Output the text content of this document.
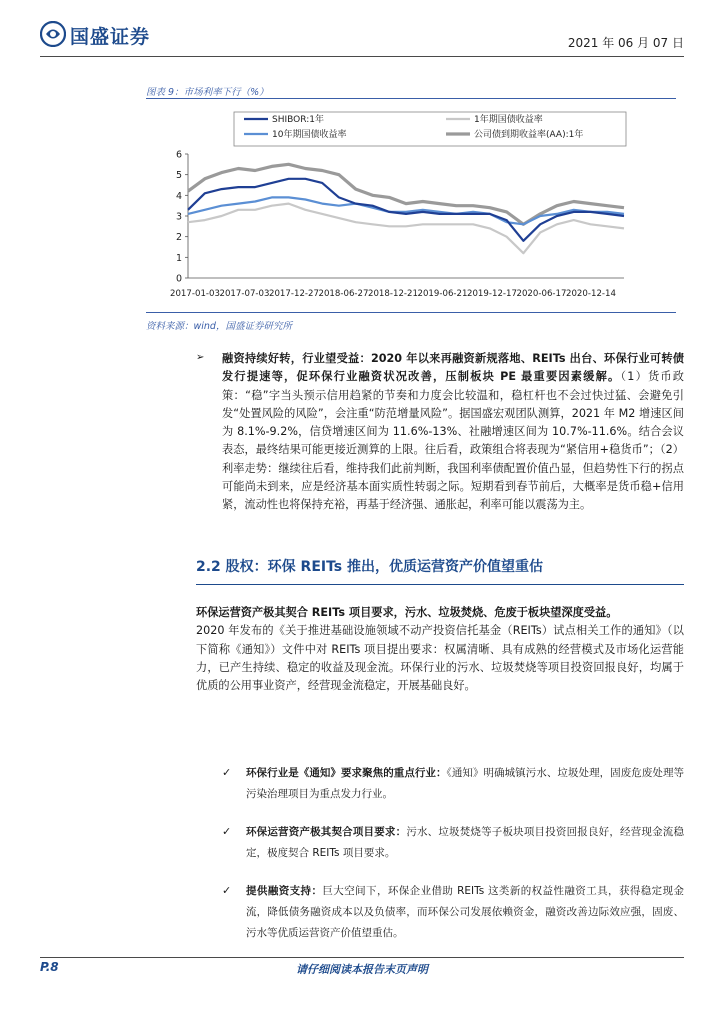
国盛证券	2021 年 06 月 07 日
图表 9：市场利率下行（%）
SHIBOR:1年	1年期国债收益率
10年期国债收益率	公司债到期收益率(AA):1年
0
1
2
3
4
5
6
2017-01-03 2017-07-03 2017-12-27 2018-06-27 2018-12-21 2019-06-21 2019-12-17 2020-06-17 2020-12-14
资料来源：wind，国盛证券研究所
➢ 融资持续好转，行业望受益：2020 年以来再融资新规落地、REITs 出台、环保行业可转债发行提速等，促环保行业融资状况改善，压制板块 PE 最重要因素缓解。（1）货币政策：“稳”字当头预示信用趋紧的节奏和力度会比较温和，稳杠杆也不会过快过猛、会避免引发“处置风险的风险”，会注重“防范增量风险”。据国盛宏观团队测算，2021 年 M2 增速区间为 8.1%-9.2%，信贷增速区间为 11.6%-13%、社融增速区间为 10.7%-11.6%。结合会议表态，最终结果可能更接近测算的上限。往后看，政策组合将表现为“紧信用+稳货币”；（2）利率走势：继续往后看，维持我们此前判断，我国利率债配置价值凸显，但趋势性下行的拐点可能尚未到来，应是经济基本面实质性转弱之际。短期看到春节前后，大概率是货币稳+信用紧，流动性也将保持充裕，再基于经济强、通胀起，利率可能以震荡为主。
2.2 股权：环保 REITs 推出，优质运营资产价值望重估
环保运营资产极其契合 REITs 项目要求，污水、垃圾焚烧、危废于板块望深度受益。
2020 年发布的《关于推进基础设施领域不动产投资信托基金（REITs）试点相关工作的通知》（以下简称《通知》）文件中对 REITs 项目提出要求：权属清晰、具有成熟的经营模式及市场化运营能力，已产生持续、稳定的收益及现金流。环保行业的污水、垃圾焚烧等项目投资回报良好，均属于优质的公用事业资产，经营现金流稳定，开展基础良好。
✓ 环保行业是《通知》要求聚焦的重点行业：《通知》明确城镇污水、垃圾处理，固废危废处理等污染治理项目为重点发力行业。
✓ 环保运营资产极其契合项目要求：污水、垃圾焚烧等子板块项目投资回报良好，经营现金流稳定，极度契合 REITs 项目要求。
✓ 提供融资支持：巨大空间下，环保企业借助 REITs 这类新的权益性融资工具，获得稳定现金流，降低债务融资成本以及负债率，而环保公司发展依赖资金，融资改善边际效应强，固废、污水等优质运营资产价值望重估。
P.8	请仔细阅读本报告末页声明
